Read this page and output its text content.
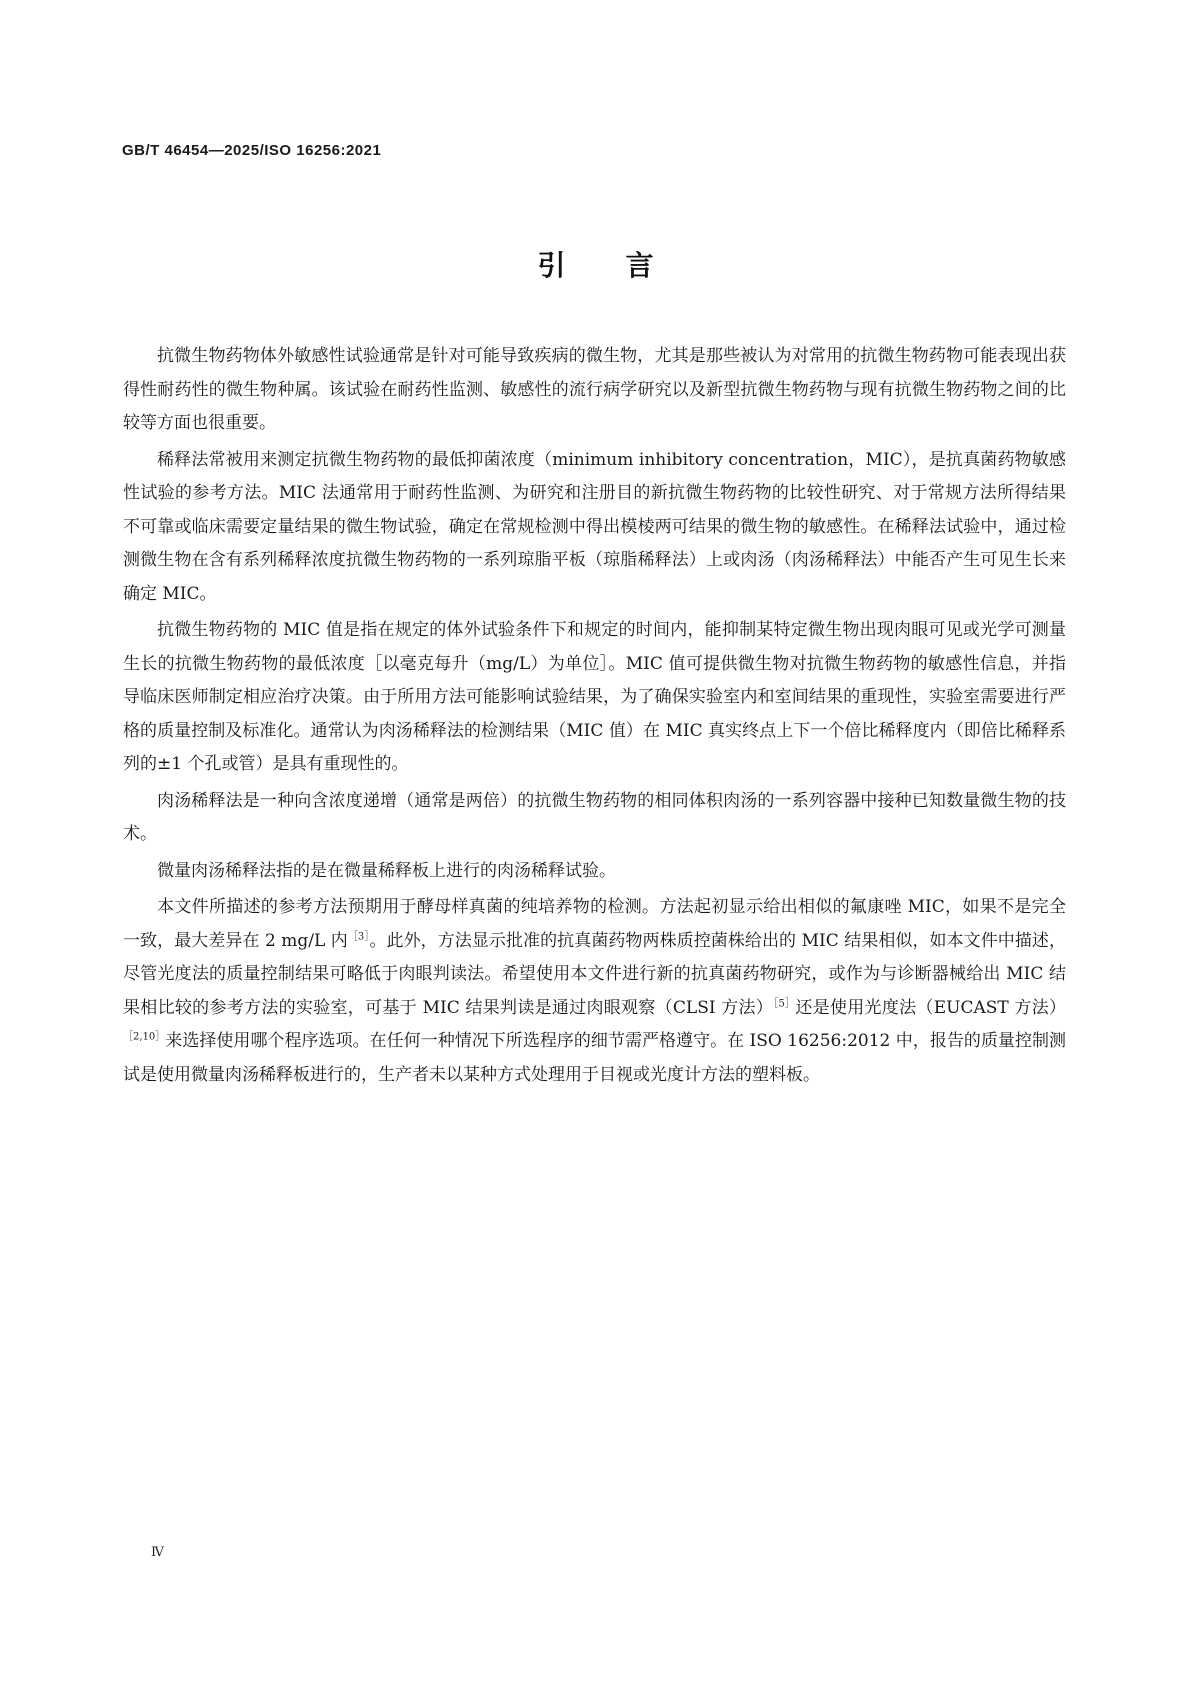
GB/T 46454—2025/ISO 16256:2021
引言

抗微生物药物体外敏感性试验通常是针对可能导致疾病的微生物，尤其是那些被认为对常用的抗微生物药物可能表现出获得性耐药性的微生物种属。该试验在耐药性监测、敏感性的流行病学研究以及新型抗微生物药物与现有抗微生物药物之间的比较等方面也很重要。

稀释法常被用来测定抗微生物药物的最低抑菌浓度（minimum inhibitory concentration，MIC），是抗真菌药物敏感性试验的参考方法。MIC 法通常用于耐药性监测、为研究和注册目的新抗微生物药物的比较性研究、对于常规方法所得结果不可靠或临床需要定量结果的微生物试验，确定在常规检测中得出模棱两可结果的微生物的敏感性。在稀释法试验中，通过检测微生物在含有系列稀释浓度抗微生物药物的一系列琼脂平板（琼脂稀释法）上或肉汤（肉汤稀释法）中能否产生可见生长来确定 MIC。

抗微生物药物的 MIC 值是指在规定的体外试验条件下和规定的时间内，能抑制某特定微生物出现肉眼可见或光学可测量生长的抗微生物药物的最低浓度［以毫克每升（mg/L）为单位］。MIC 值可提供微生物对抗微生物药物的敏感性信息，并指导临床医师制定相应治疗决策。由于所用方法可能影响试验结果，为了确保实验室内和室间结果的重现性，实验室需要进行严格的质量控制及标准化。通常认为肉汤稀释法的检测结果（MIC 值）在 MIC 真实终点上下一个倍比稀释度内（即倍比稀释系列的±1 个孔或管）是具有重现性的。

肉汤稀释法是一种向含浓度递增（通常是两倍）的抗微生物药物的相同体积肉汤的一系列容器中接种已知数量微生物的技术。

微量肉汤稀释法指的是在微量稀释板上进行的肉汤稀释试验。

本文件所描述的参考方法预期用于酵母样真菌的纯培养物的检测。方法起初显示给出相似的氟康唑 MIC，如果不是完全一致，最大差异在 2 mg/L 内$^{[3]}$。此外，方法显示批准的抗真菌药物两株质控菌株给出的 MIC 结果相似，如本文件中描述，尽管光度法的质量控制结果可略低于肉眼判读法。希望使用本文件进行新的抗真菌药物研究，或作为与诊断器械给出 MIC 结果相比较的参考方法的实验室，可基于 MIC 结果判读是通过肉眼观察（CLSI 方法）$^{[5]}$还是使用光度法（EUCAST 方法）$^{[2,10]}$来选择使用哪个程序选项。在任何一种情况下所选程序的细节需严格遵守。在 ISO 16256:2012 中，报告的质量控制测试是使用微量肉汤稀释板进行的，生产者未以某种方式处理用于目视或光度计方法的塑料板。

Ⅳ
